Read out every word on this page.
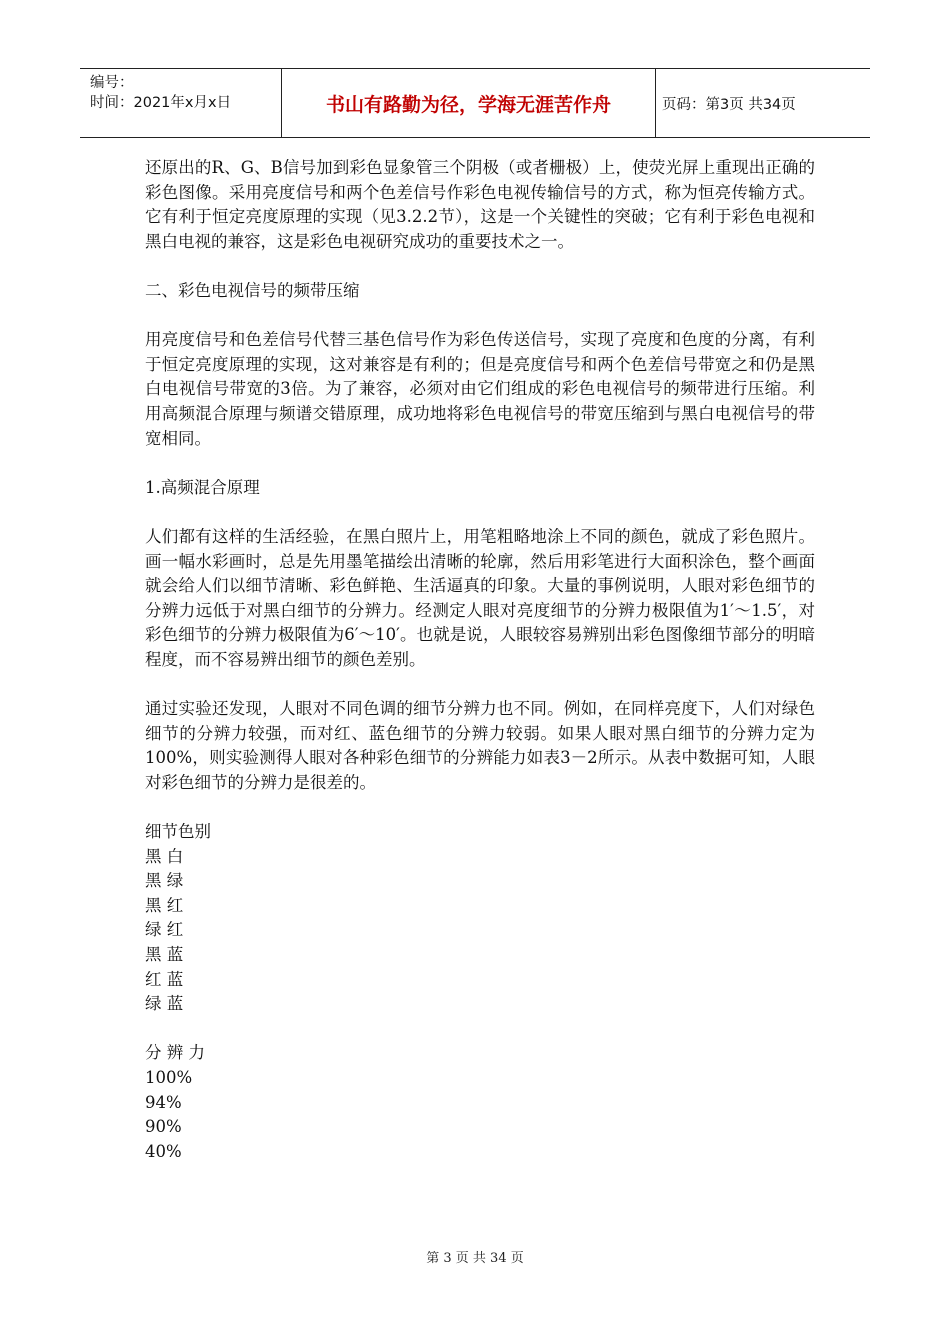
编号：
时间：2021年x月x日	书山有路勤为径，学海无涯苦作舟	页码：第3页 共34页

还原出的R、G、B信号加到彩色显象管三个阴极（或者栅极）上，使荧光屏上重现出正确的彩色图像。采用亮度信号和两个色差信号作彩色电视传输信号的方式，称为恒亮传输方式。它有利于恒定亮度原理的实现（见3.2.2节），这是一个关键性的突破；它有利于彩色电视和黑白电视的兼容，这是彩色电视研究成功的重要技术之一。

二、彩色电视信号的频带压缩

用亮度信号和色差信号代替三基色信号作为彩色传送信号，实现了亮度和色度的分离，有利于恒定亮度原理的实现，这对兼容是有利的；但是亮度信号和两个色差信号带宽之和仍是黑白电视信号带宽的3倍。为了兼容，必须对由它们组成的彩色电视信号的频带进行压缩。利用高频混合原理与频谱交错原理，成功地将彩色电视信号的带宽压缩到与黑白电视信号的带宽相同。

1.高频混合原理

人们都有这样的生活经验，在黑白照片上，用笔粗略地涂上不同的颜色，就成了彩色照片。画一幅水彩画时，总是先用墨笔描绘出清晰的轮廓，然后用彩笔进行大面积涂色，整个画面就会给人们以细节清晰、彩色鲜艳、生活逼真的印象。大量的事例说明，人眼对彩色细节的分辨力远低于对黑白细节的分辨力。经测定人眼对亮度细节的分辨力极限值为1′～1.5′，对彩色细节的分辨力极限值为6′～10′。也就是说，人眼较容易辨别出彩色图像细节部分的明暗程度，而不容易辨出细节的颜色差别。

通过实验还发现，人眼对不同色调的细节分辨力也不同。例如，在同样亮度下，人们对绿色细节的分辨力较强，而对红、蓝色细节的分辨力较弱。如果人眼对黑白细节的分辨力定为100%，则实验测得人眼对各种彩色细节的分辨能力如表3－2所示。从表中数据可知，人眼对彩色细节的分辨力是很差的。

细节色别
黑 白
黑 绿
黑 红
绿 红
黑 蓝
红 蓝
绿 蓝
分 辨 力
100%
94%
90%
40%
第 3 页 共 34 页
